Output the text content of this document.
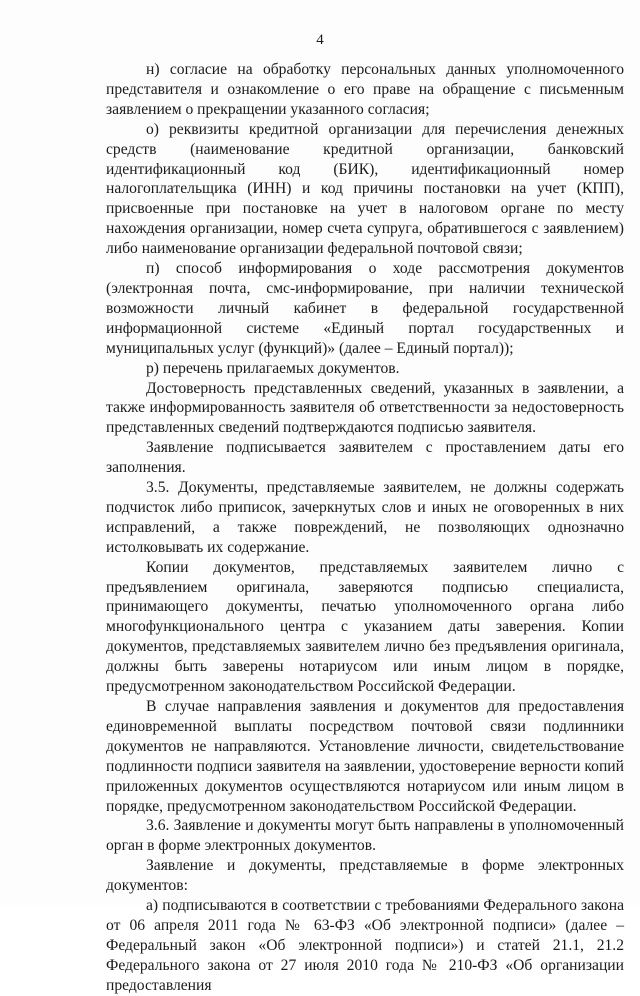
4

н) согласие на обработку персональных данных уполномоченного представителя и ознакомление о его праве на обращение с письменным заявлением о прекращении указанного согласия;

о) реквизиты кредитной организации для перечисления денежных средств (наименование кредитной организации, банковский идентификационный код (БИК), идентификационный номер налогоплательщика (ИНН) и код причины постановки на учет (КПП), присвоенные при постановке на учет в налоговом органе по месту нахождения организации, номер счета супруга, обратившегося с заявлением) либо наименование организации федеральной почтовой связи;

п) способ информирования о ходе рассмотрения документов (электронная почта, смс-информирование, при наличии технической возможности личный кабинет в федеральной государственной информационной системе «Единый портал государственных и муниципальных услуг (функций)» (далее – Единый портал));

р) перечень прилагаемых документов.

Достоверность представленных сведений, указанных в заявлении, а также информированность заявителя об ответственности за недостоверность представленных сведений подтверждаются подписью заявителя.

Заявление подписывается заявителем с проставлением даты его заполнения.

3.5. Документы, представляемые заявителем, не должны содержать подчисток либо приписок, зачеркнутых слов и иных не оговоренных в них исправлений, а также повреждений, не позволяющих однозначно истолковывать их содержание.

Копии документов, представляемых заявителем лично с предъявлением оригинала, заверяются подписью специалиста, принимающего документы, печатью уполномоченного органа либо многофункционального центра с указанием даты заверения. Копии документов, представляемых заявителем лично без предъявления оригинала, должны быть заверены нотариусом или иным лицом в порядке, предусмотренном законодательством Российской Федерации.

В случае направления заявления и документов для предоставления единовременной выплаты посредством почтовой связи подлинники документов не направляются. Установление личности, свидетельствование подлинности подписи заявителя на заявлении, удостоверение верности копий приложенных документов осуществляются нотариусом или иным лицом в порядке, предусмотренном законодательством Российской Федерации.

3.6. Заявление и документы могут быть направлены в уполномоченный орган в форме электронных документов.

Заявление и документы, представляемые в форме электронных документов:

а) подписываются в соответствии с требованиями Федерального закона от 06 апреля 2011 года № 63-ФЗ «Об электронной подписи» (далее – Федеральный закон «Об электронной подписи») и статей 21.1, 21.2 Федерального закона от 27 июля 2010 года № 210-ФЗ «Об организации предоставления
